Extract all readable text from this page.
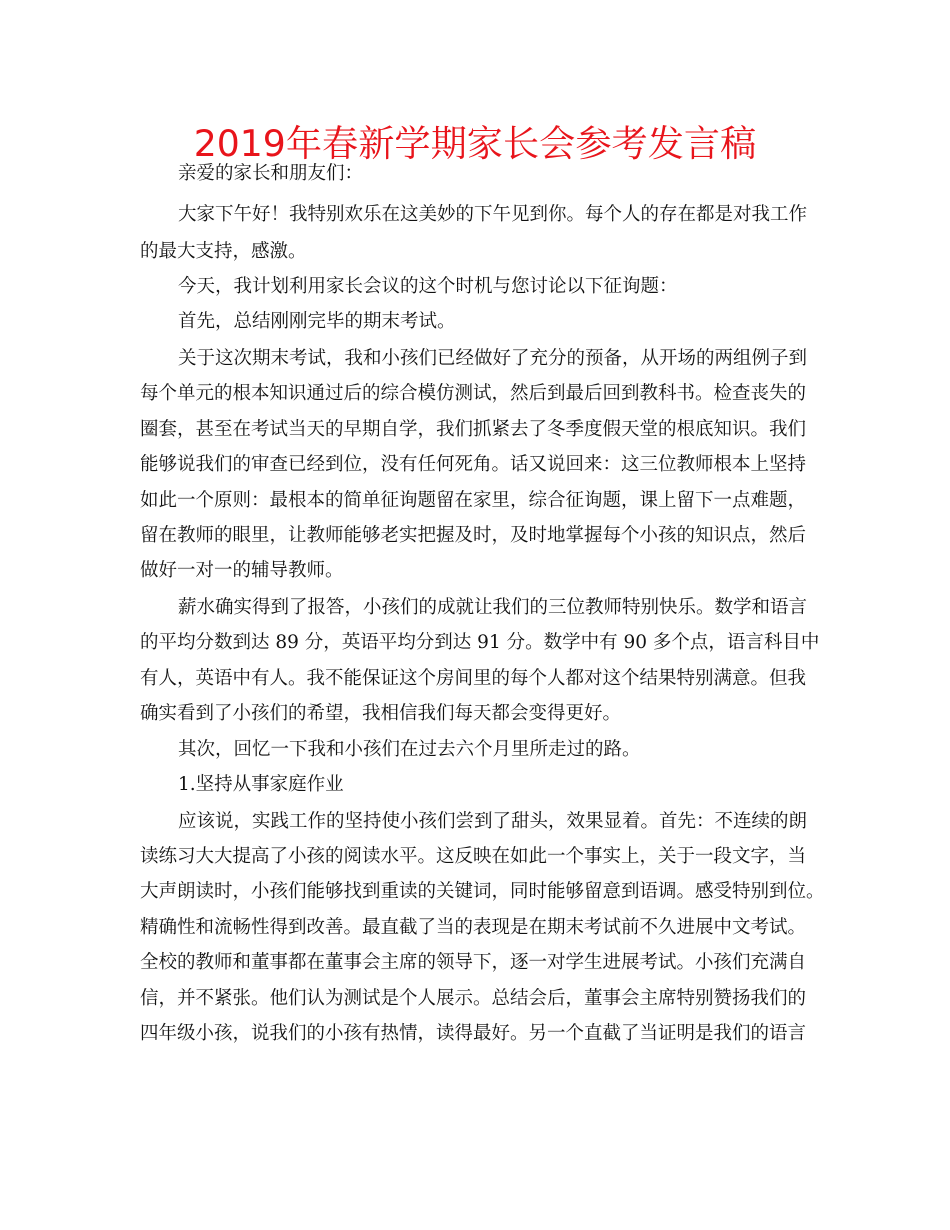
2019年春新学期家长会参考发言稿
亲爱的家长和朋友们：
大家下午好！我特别欢乐在这美妙的下午见到你。每个人的存在都是对我工作
的最大支持，感激。
今天，我计划利用家长会议的这个时机与您讨论以下征询题：
首先，总结刚刚完毕的期末考试。
关于这次期末考试，我和小孩们已经做好了充分的预备，从开场的两组例子到
每个单元的根本知识通过后的综合模仿测试，然后到最后回到教科书。检查丧失的
圈套，甚至在考试当天的早期自学，我们抓紧去了冬季度假天堂的根底知识。我们
能够说我们的审查已经到位，没有任何死角。话又说回来：这三位教师根本上坚持
如此一个原则：最根本的简单征询题留在家里，综合征询题，课上留下一点难题，
留在教师的眼里，让教师能够老实把握及时，及时地掌握每个小孩的知识点，然后
做好一对一的辅导教师。
薪水确实得到了报答，小孩们的成就让我们的三位教师特别快乐。数学和语言
的平均分数到达 89 分，英语平均分到达 91 分。数学中有 90 多个点，语言科目中
有人，英语中有人。我不能保证这个房间里的每个人都对这个结果特别满意。但我
确实看到了小孩们的希望，我相信我们每天都会变得更好。
其次，回忆一下我和小孩们在过去六个月里所走过的路。
1.坚持从事家庭作业
应该说，实践工作的坚持使小孩们尝到了甜头，效果显着。首先：不连续的朗
读练习大大提高了小孩的阅读水平。这反映在如此一个事实上，关于一段文字，当
大声朗读时，小孩们能够找到重读的关键词，同时能够留意到语调。感受特别到位。
精确性和流畅性得到改善。最直截了当的表现是在期末考试前不久进展中文考试。
全校的教师和董事都在董事会主席的领导下，逐一对学生进展考试。小孩们充满自
信，并不紧张。他们认为测试是个人展示。总结会后，董事会主席特别赞扬我们的
四年级小孩，说我们的小孩有热情，读得最好。另一个直截了当证明是我们的语言
